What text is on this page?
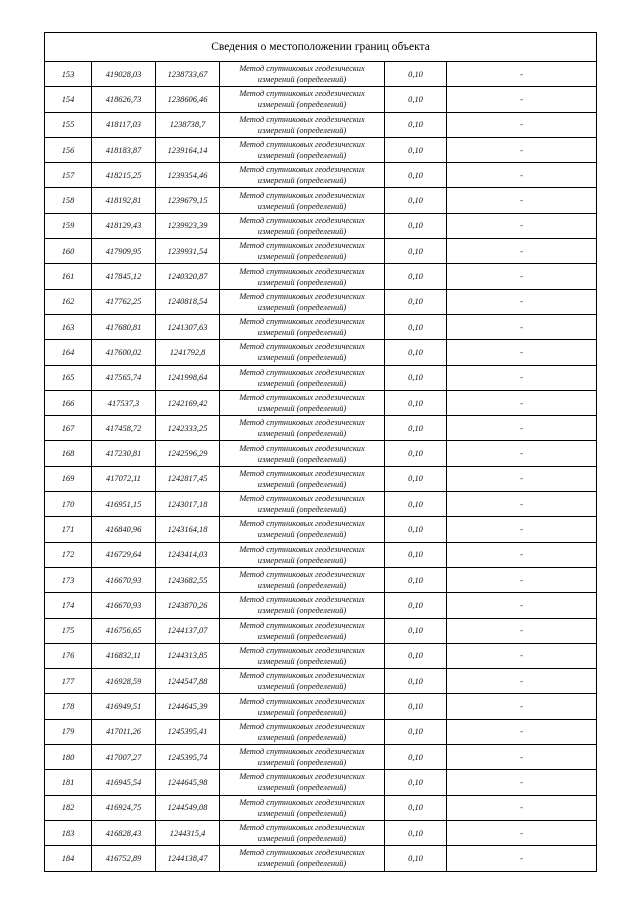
Сведения о местоположении границ объекта					
153	419028,03	1238733,67	Метод спутниковых геодезических
измерений (определений)	0,10	-
154	418626,73	1238606,46	Метод спутниковых геодезических
измерений (определений)	0,10	-
155	418117,03	1238738,7	Метод спутниковых геодезических
измерений (определений)	0,10	-
156	418183,87	1239164,14	Метод спутниковых геодезических
измерений (определений)	0,10	-
157	418215,25	1239354,46	Метод спутниковых геодезических
измерений (определений)	0,10	-
158	418192,81	1239679,15	Метод спутниковых геодезических
измерений (определений)	0,10	-
159	418129,43	1239923,39	Метод спутниковых геодезических
измерений (определений)	0,10	-
160	417909,95	1239931,54	Метод спутниковых геодезических
измерений (определений)	0,10	-
161	417845,12	1240320,87	Метод спутниковых геодезических
измерений (определений)	0,10	-
162	417762,25	1240818,54	Метод спутниковых геодезических
измерений (определений)	0,10	-
163	417680,81	1241307,63	Метод спутниковых геодезических
измерений (определений)	0,10	-
164	417600,02	1241792,8	Метод спутниковых геодезических
измерений (определений)	0,10	-
165	417565,74	1241998,64	Метод спутниковых геодезических
измерений (определений)	0,10	-
166	417537,3	1242169,42	Метод спутниковых геодезических
измерений (определений)	0,10	-
167	417458,72	1242333,25	Метод спутниковых геодезических
измерений (определений)	0,10	-
168	417230,81	1242596,29	Метод спутниковых геодезических
измерений (определений)	0,10	-
169	417072,11	1242817,45	Метод спутниковых геодезических
измерений (определений)	0,10	-
170	416951,15	1243017,18	Метод спутниковых геодезических
измерений (определений)	0,10	-
171	416840,96	1243164,18	Метод спутниковых геодезических
измерений (определений)	0,10	-
172	416729,64	1243414,03	Метод спутниковых геодезических
измерений (определений)	0,10	-
173	416670,93	1243682,55	Метод спутниковых геодезических
измерений (определений)	0,10	-
174	416670,93	1243870,26	Метод спутниковых геодезических
измерений (определений)	0,10	-
175	416756,65	1244137,07	Метод спутниковых геодезических
измерений (определений)	0,10	-
176	416832,11	1244313,85	Метод спутниковых геодезических
измерений (определений)	0,10	-
177	416928,59	1244547,88	Метод спутниковых геодезических
измерений (определений)	0,10	-
178	416949,51	1244645,39	Метод спутниковых геодезических
измерений (определений)	0,10	-
179	417011,26	1245395,41	Метод спутниковых геодезических
измерений (определений)	0,10	-
180	417007,27	1245395,74	Метод спутниковых геодезических
измерений (определений)	0,10	-
181	416945,54	1244645,98	Метод спутниковых геодезических
измерений (определений)	0,10	-
182	416924,75	1244549,08	Метод спутниковых геодезических
измерений (определений)	0,10	-
183	416828,43	1244315,4	Метод спутниковых геодезических
измерений (определений)	0,10	-
184	416752,89	1244138,47	Метод спутниковых геодезических
измерений (определений)	0,10	-
